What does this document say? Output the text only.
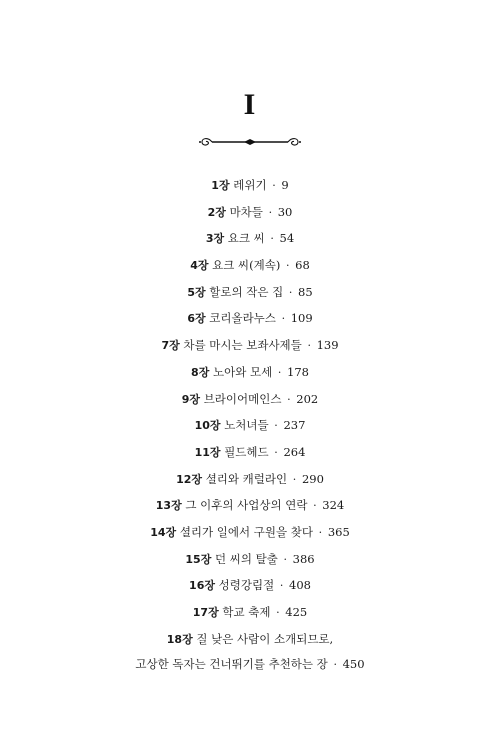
I
1장 레위기 · 9
2장 마차들 · 30
3장 요크 씨 · 54
4장 요크 씨(계속) · 68
5장 할로의 작은 집 · 85
6장 코리올라누스 · 109
7장 차를 마시는 보좌사제들 · 139
8장 노아와 모세 · 178
9장 브라이어메인스 · 202
10장 노처녀들 · 237
11장 필드헤드 · 264
12장 셜리와 캐럴라인 · 290
13장 그 이후의 사업상의 연락 · 324
14장 셜리가 일에서 구원을 찾다 · 365
15장 던 씨의 탈출 · 386
16장 성령강림절 · 408
17장 학교 축제 · 425
18장 질 낮은 사람이 소개되므로,
고상한 독자는 건너뛰기를 추천하는 장 · 450
